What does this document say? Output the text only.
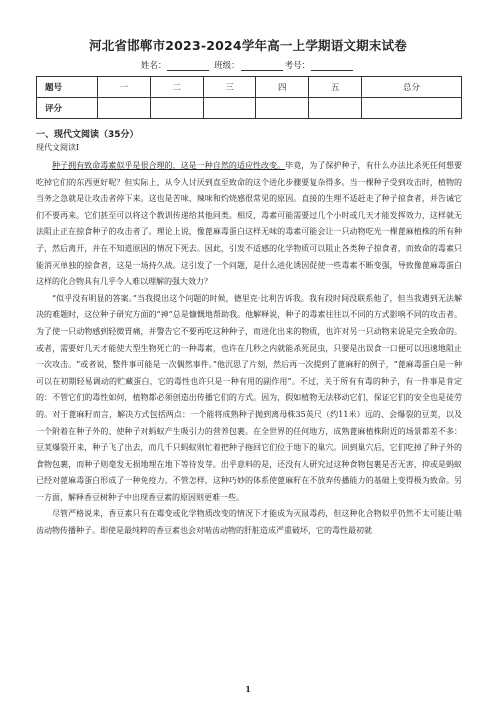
河北省邯郸市2023-2024学年高一上学期语文期末试卷
姓名：	班级：	考号：
题号	一	二	三	四	五	总分
评分						
一、现代文阅读（35分）
现代文阅读Ⅰ

种子拥有致命毒素似乎是很合理的，这是一种自然的适应性改变。毕竟，为了保护种子，有什么办法比杀死任何想要吃掉它们的东西更好呢？但实际上，从令人讨厌到直至致命的这个进化步骤要复杂得多。当一棵种子受到攻击时，植物的当务之急就是让攻击者停下来。这也是苦味、辣味和灼烧感很常见的原因。直接的生理不适赶走了种子掠食者，并告诫它们不要再来。它们甚至可以将这个教训传递给其他同类。相反，毒素可能需要过几个小时或几天才能发挥效力，这样就无法阻止正在掠食种子的攻击者了。理论上说，像蓖麻毒蛋白这样无味的毒素可能会让一只动物吃光一棵蓖麻植株的所有种子，然后离开，并在不知道原因的情况下死去。因此，引发不适感的化学物质可以阻止各类种子掠食者，而致命的毒素只能消灭单独的掠食者，这是一场持久战。这引发了一个问题，是什么进化诱因促使一些毒素不断变强，导致像蓖麻毒蛋白这样的化合物具有几乎令人难以理解的强大效力？

“似乎没有明显的答案。”当我提出这个问题的时候，德里克·比利告诉我。我有段时间没联系他了，但当我遇到无法解决的难题时，这位种子研究方面的“神”总是慷慨地帮助我。他解释说，种子的毒素往往以不同的方式影响不同的攻击者。为了使一只动物感到轻微胃痛，并警告它不要再吃这种种子，而进化出来的物质，也许对另一只动物来说是完全致命的。或者，需要好几天才能使大型生物死亡的一种毒素，也许在几秒之内就能杀死昆虫，只要是出误食一口便可以迅速地阻止一次攻击。“或者说，整件事可能是一次偶然事件。”他沉思了片刻，然后再一次提到了蓖麻籽的例子，“蓖麻毒蛋白是一种可以在初期轻易调动的贮藏蛋白，它的毒性也许只是一种有用的副作用”。不过，关于所有有毒的种子，有一件事是肯定的：不管它们的毒性如何，植物都必须创造出传播它们的方式。因为，假如植物无法移动它们，保证它们的安全也是徒劳的。对于蓖麻籽而言，解决方式包括两点：一个能将成熟种子抛到离母株35英尺（约11米）远的、会爆裂的豆荚，以及一个附着在种子外的、使种子对蚂蚁产生吸引力的营养包裹。在全世界的任何地方，成熟蓖麻植株附近的场景都差不多：豆荚爆裂开来，种子飞了出去，而几千只蚂蚁则忙着把种子拖回它们位于地下的巢穴。回到巢穴后，它们吃掉了种子外的食物包裹，而种子则毫发无损地埋在地下等待发芽。出乎意料的是，还没有人研究过这种食物包裹是否无害，抑或是蚂蚁已经对蓖麻毒蛋白形成了一种免疫力。不管怎样，这种巧妙的体系使蓖麻籽在不放弃传播能力的基础上变得极为致命。另一方面，解释香豆树种子中出现香豆素的原因则更难一些。

尽管严格说来，香豆素只有在霉变或化学物质改变的情况下才能成为灭鼠毒药，但这种化合物似乎仍然不太可能让啮齿动物传播种子。即使是最纯粹的香豆素也会对啮齿动物的肝脏造成严重破坏，它的毒性最初就

1
